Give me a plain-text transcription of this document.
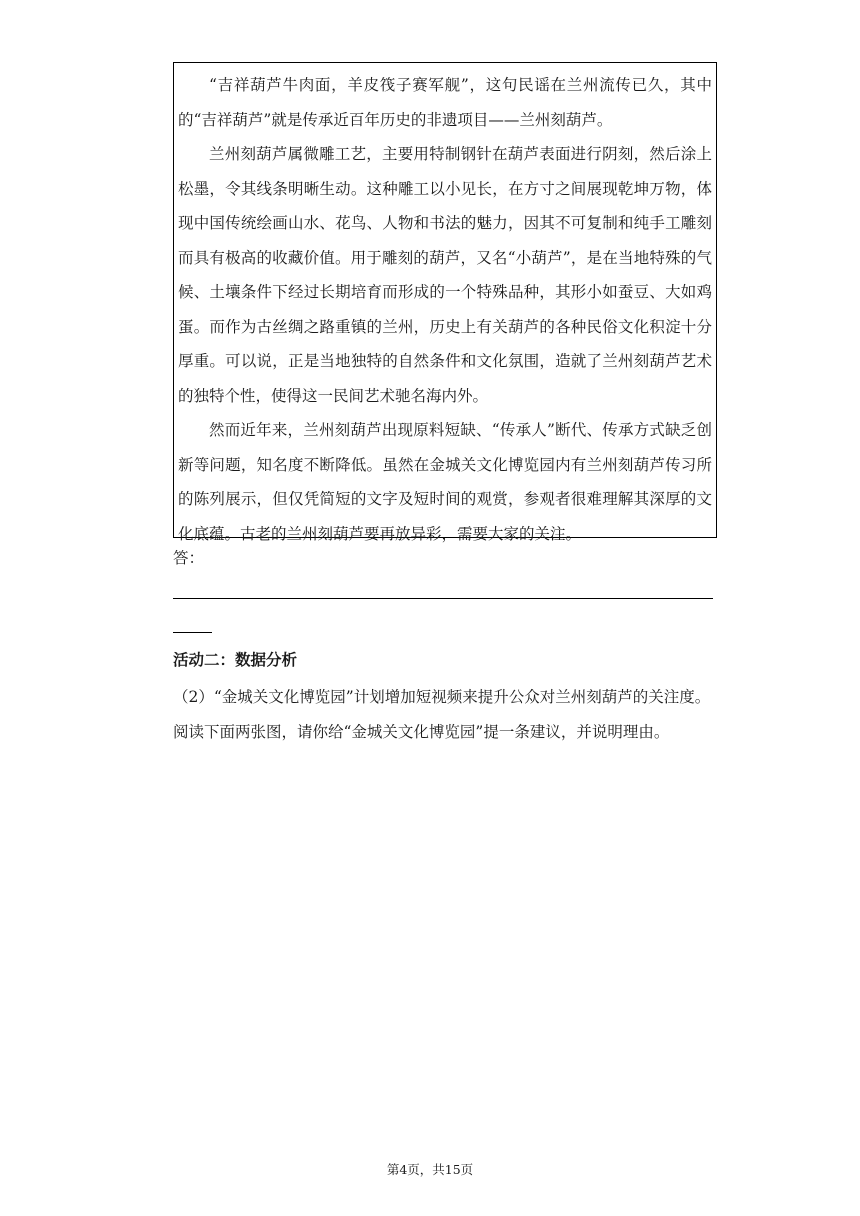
“吉祥葫芦牛肉面，羊皮筏子赛军舰”，这句民谣在兰州流传已久，其中的“吉祥葫芦”就是传承近百年历史的非遗项目——兰州刻葫芦。

兰州刻葫芦属微雕工艺，主要用特制钢针在葫芦表面进行阴刻，然后涂上松墨，令其线条明晰生动。这种雕工以小见长，在方寸之间展现乾坤万物，体现中国传统绘画山水、花鸟、人物和书法的魅力，因其不可复制和纯手工雕刻而具有极高的收藏价值。用于雕刻的葫芦，又名“小葫芦”，是在当地特殊的气候、土壤条件下经过长期培育而形成的一个特殊品种，其形小如蚕豆、大如鸡蛋。而作为古丝绸之路重镇的兰州，历史上有关葫芦的各种民俗文化积淀十分厚重。可以说，正是当地独特的自然条件和文化氛围，造就了兰州刻葫芦艺术的独特个性，使得这一民间艺术驰名海内外。

然而近年来，兰州刻葫芦出现原料短缺、“传承人”断代、传承方式缺乏创新等问题，知名度不断降低。虽然在金城关文化博览园内有兰州刻葫芦传习所的陈列展示，但仅凭简短的文字及短时间的观赏，参观者很难理解其深厚的文化底蕴。古老的兰州刻葫芦要再放异彩，需要大家的关注。

答：
活动二：数据分析
（2）“金城关文化博览园”计划增加短视频来提升公众对兰州刻葫芦的关注度。
阅读下面两张图，请你给“金城关文化博览园”提一条建议，并说明理由。
第4页，共15页
